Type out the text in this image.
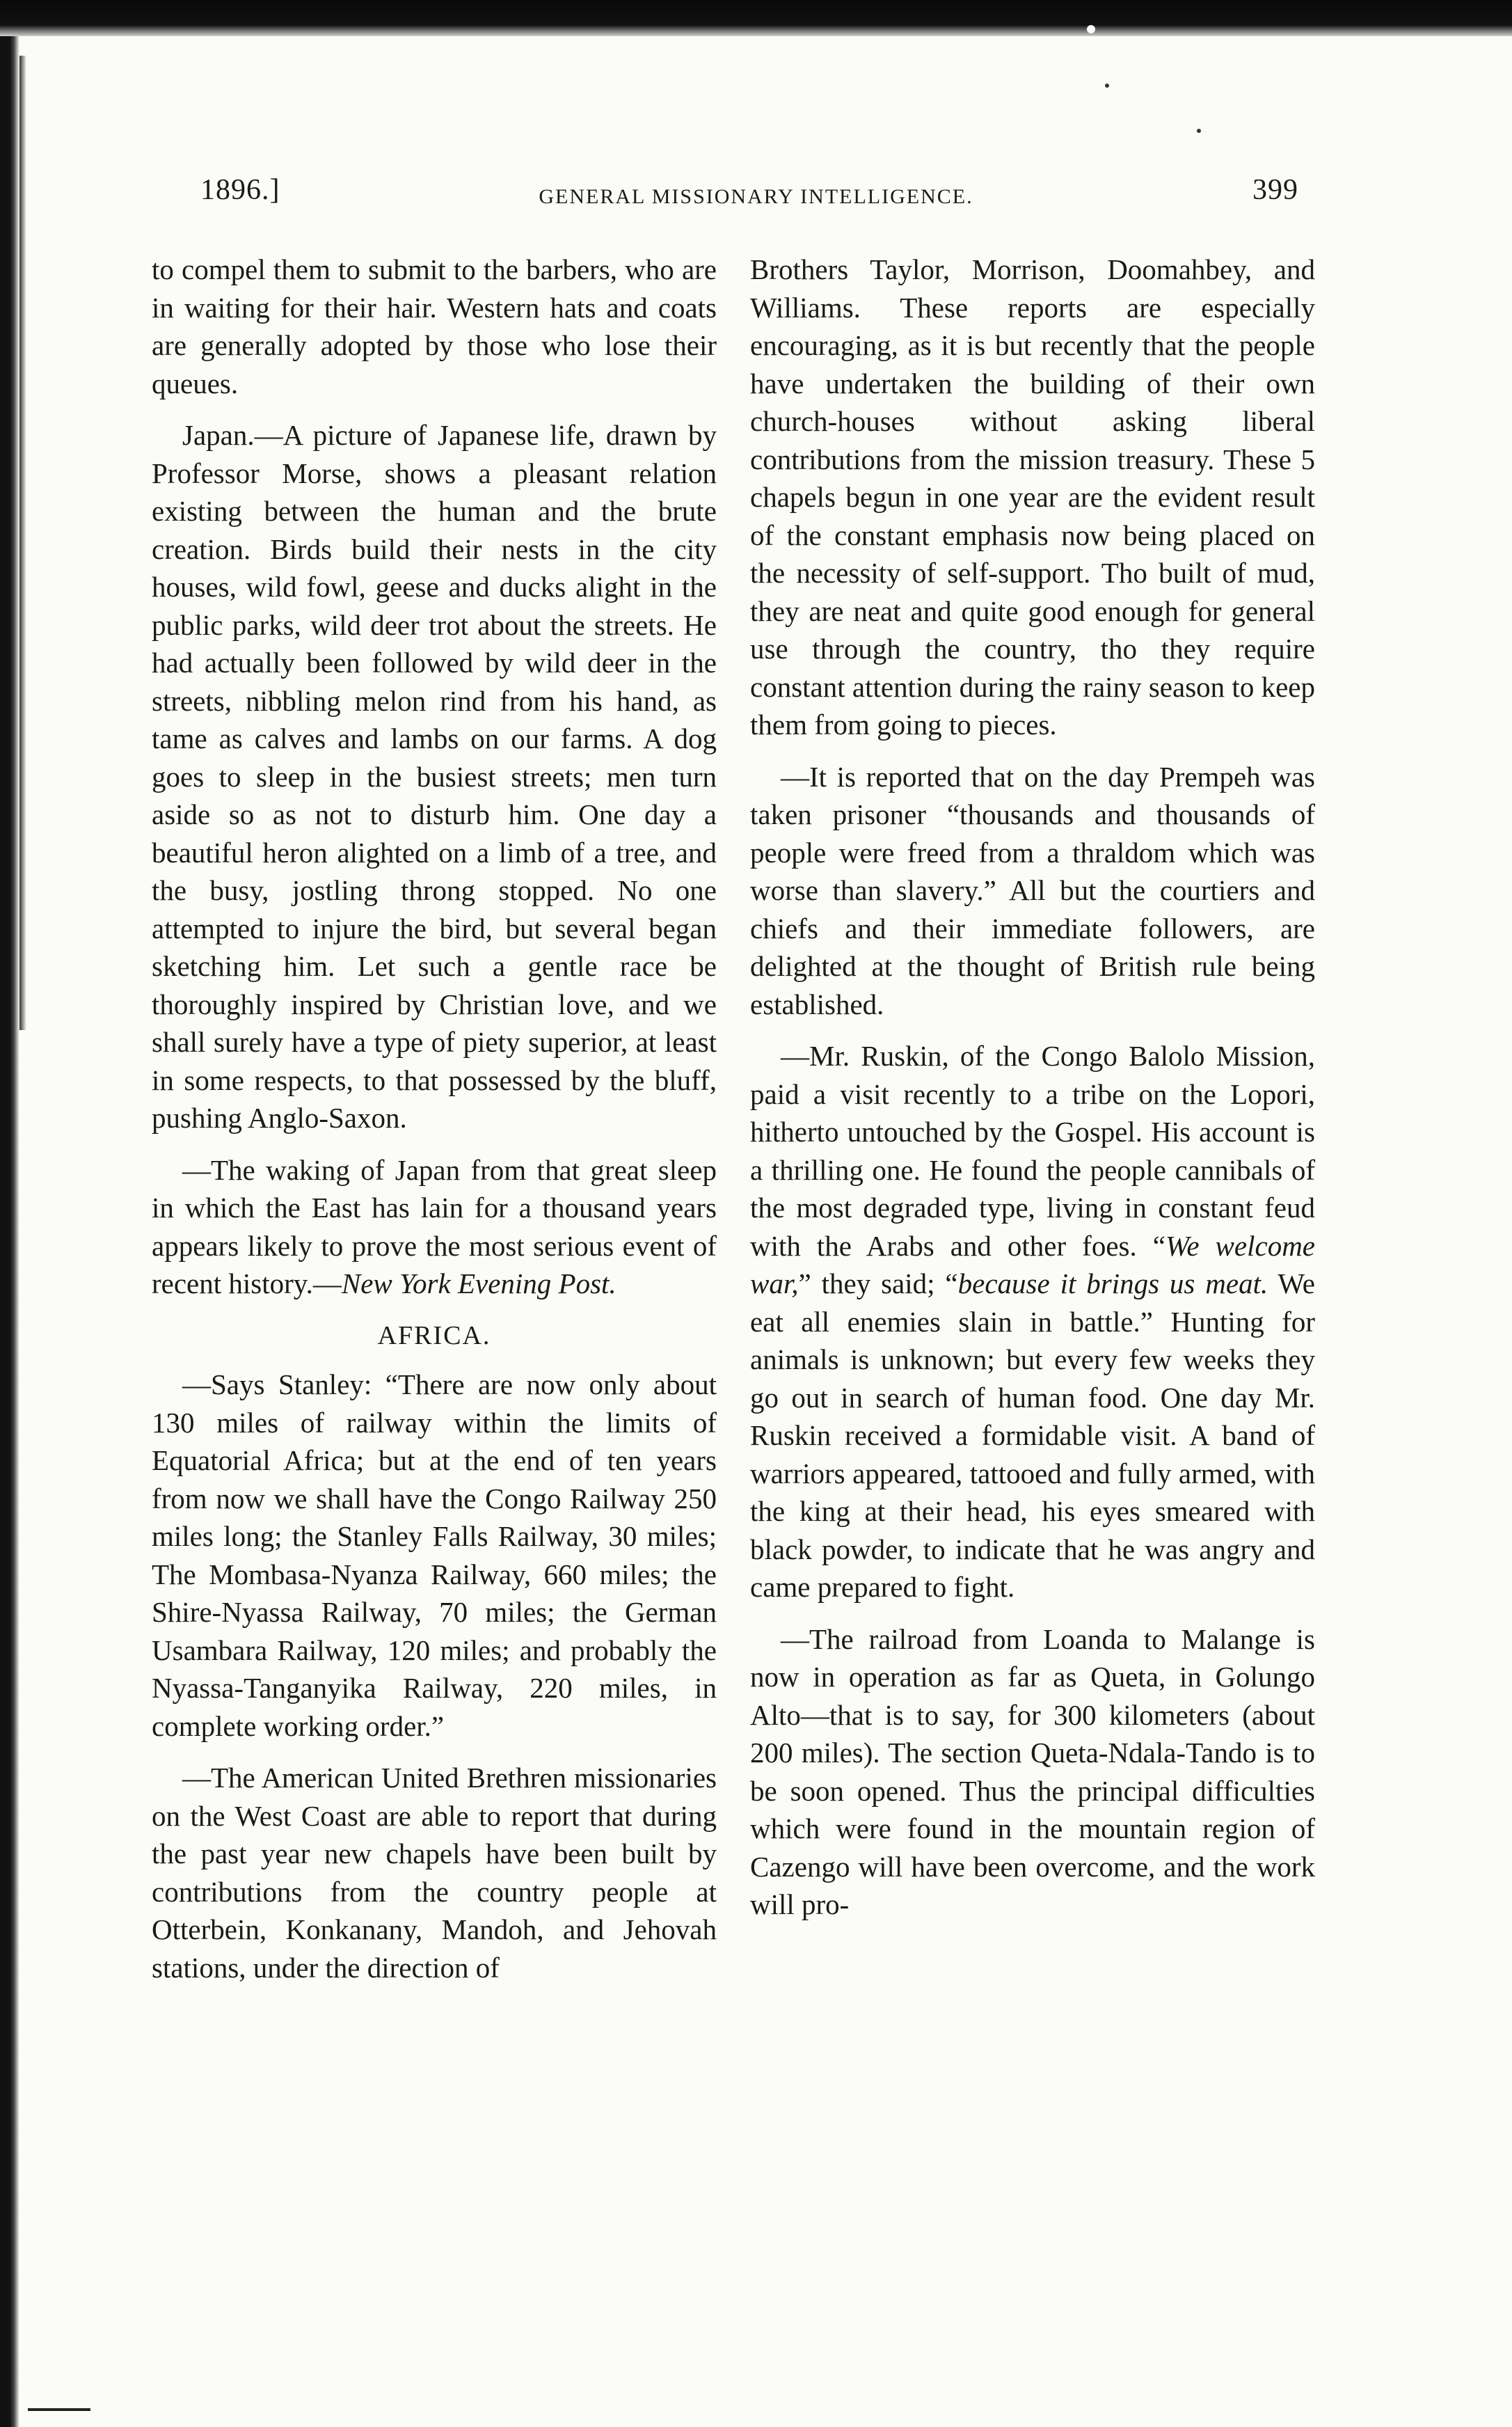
1896.]	GENERAL MISSIONARY INTELLIGENCE.	399

to compel them to submit to the barbers, who are in waiting for their hair. Western hats and coats are generally adopted by those who lose their queues.

Japan.—A picture of Japanese life, drawn by Professor Morse, shows a pleasant relation existing between the human and the brute creation. Birds build their nests in the city houses, wild fowl, geese and ducks alight in the public parks, wild deer trot about the streets. He had actually been followed by wild deer in the streets, nibbling melon rind from his hand, as tame as calves and lambs on our farms. A dog goes to sleep in the busiest streets; men turn aside so as not to disturb him. One day a beautiful heron alighted on a limb of a tree, and the busy, jostling throng stopped. No one attempted to injure the bird, but several began sketching him. Let such a gentle race be thoroughly inspired by Christian love, and we shall surely have a type of piety superior, at least in some respects, to that possessed by the bluff, pushing Anglo-Saxon.

—The waking of Japan from that great sleep in which the East has lain for a thousand years appears likely to prove the most serious event of recent history.—New York Evening Post.

AFRICA.

—Says Stanley: “There are now only about 130 miles of railway within the limits of Equatorial Africa; but at the end of ten years from now we shall have the Congo Railway 250 miles long; the Stanley Falls Railway, 30 miles; The Mombasa-Nyanza Railway, 660 miles; the Shire-Nyassa Railway, 70 miles; the German Usambara Railway, 120 miles; and probably the Nyassa-Tanganyika Railway, 220 miles, in complete working order.”

—The American United Brethren missionaries on the West Coast are able to report that during the past year new chapels have been built by contributions from the country people at Otterbein, Konkanany, Mandoh, and Jehovah stations, under the direction of

Brothers Taylor, Morrison, Doomahbey, and Williams. These reports are especially encouraging, as it is but recently that the people have undertaken the building of their own church-houses without asking liberal contributions from the mission treasury. These 5 chapels begun in one year are the evident result of the constant emphasis now being placed on the necessity of self-support. Tho built of mud, they are neat and quite good enough for general use through the country, tho they require constant attention during the rainy season to keep them from going to pieces.

—It is reported that on the day Prempeh was taken prisoner “thousands and thousands of people were freed from a thraldom which was worse than slavery.” All but the courtiers and chiefs and their immediate followers, are delighted at the thought of British rule being established.

—Mr. Ruskin, of the Congo Balolo Mission, paid a visit recently to a tribe on the Lopori, hitherto untouched by the Gospel. His account is a thrilling one. He found the people cannibals of the most degraded type, living in constant feud with the Arabs and other foes. “We welcome war,” they said; “because it brings us meat. We eat all enemies slain in battle.” Hunting for animals is unknown; but every few weeks they go out in search of human food. One day Mr. Ruskin received a formidable visit. A band of warriors appeared, tattooed and fully armed, with the king at their head, his eyes smeared with black powder, to indicate that he was angry and came prepared to fight.

—The railroad from Loanda to Malange is now in operation as far as Queta, in Golungo Alto—that is to say, for 300 kilometers (about 200 miles). The section Queta-Ndala-Tando is to be soon opened. Thus the principal difficulties which were found in the mountain region of Cazengo will have been overcome, and the work will pro-
